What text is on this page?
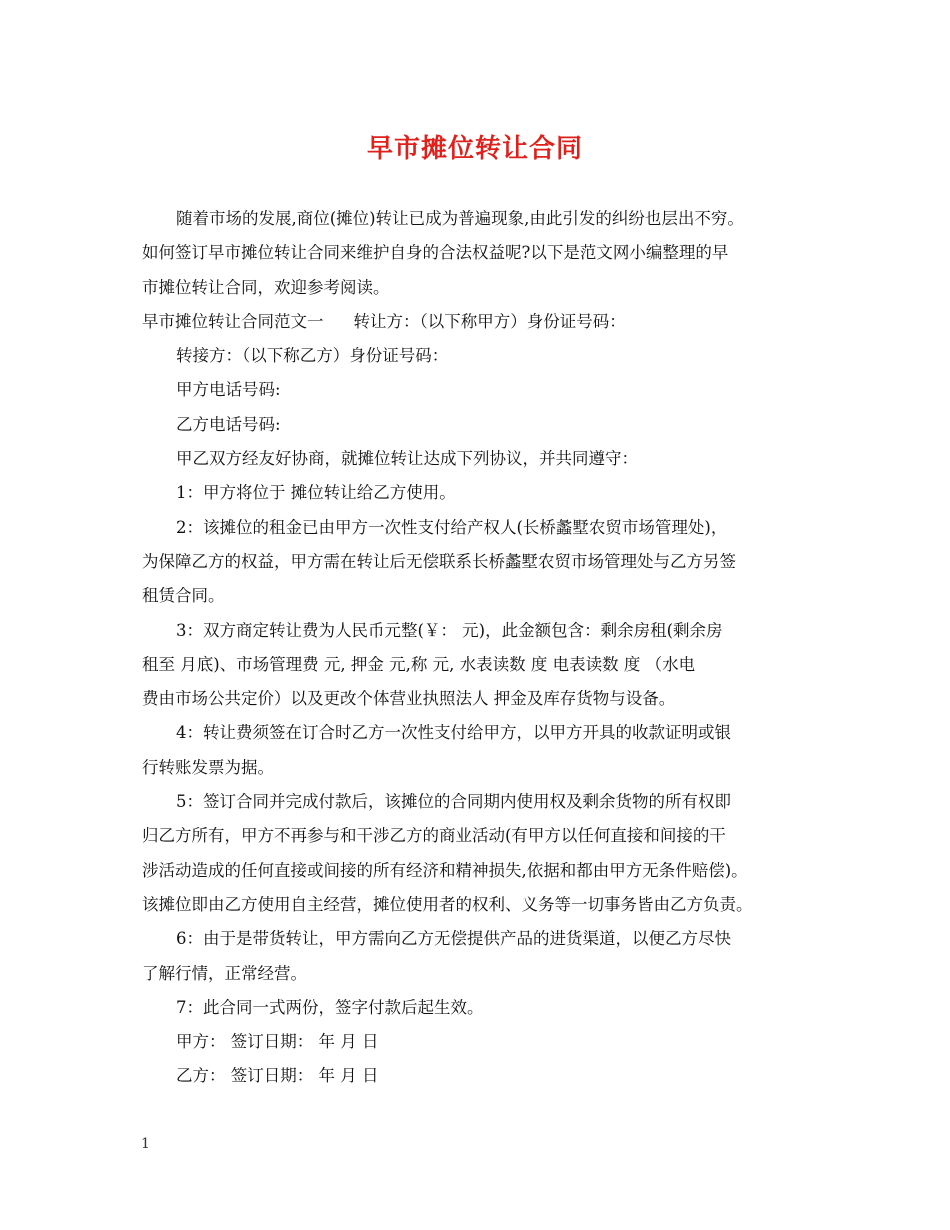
早市摊位转让合同

随着市场的发展,商位(摊位)转让已成为普遍现象,由此引发的纠纷也层出不穷。

如何签订早市摊位转让合同来维护自身的合法权益呢?以下是范文网小编整理的早

市摊位转让合同，欢迎参考阅读。

早市摊位转让合同范文一 转让方：（以下称甲方）身份证号码：

转接方：（以下称乙方）身份证号码：

甲方电话号码:

乙方电话号码:

甲乙双方经友好协商，就摊位转让达成下列协议，并共同遵守：

1：甲方将位于 摊位转让给乙方使用。

2：该摊位的租金已由甲方一次性支付给产权人(长桥蠡墅农贸市场管理处)，

为保障乙方的权益，甲方需在转让后无偿联系长桥蠡墅农贸市场管理处与乙方另签

租赁合同。

3：双方商定转让费为人民币元整(￥： 元)，此金额包含：剩余房租(剩余房

租至 月底)、市场管理费 元, 押金 元,称 元, 水表读数 度 电表读数 度 （水电

费由市场公共定价）以及更改个体营业执照法人 押金及库存货物与设备。

4：转让费须签在订合时乙方一次性支付给甲方，以甲方开具的收款证明或银

行转账发票为据。

5：签订合同并完成付款后，该摊位的合同期内使用权及剩余货物的所有权即

归乙方所有，甲方不再参与和干涉乙方的商业活动(有甲方以任何直接和间接的干

涉活动造成的任何直接或间接的所有经济和精神损失,依据和都由甲方无条件赔偿)。

该摊位即由乙方使用自主经营，摊位使用者的权利、义务等一切事务皆由乙方负责。

6：由于是带货转让，甲方需向乙方无偿提供产品的进货渠道，以便乙方尽快

了解行情，正常经营。

7：此合同一式两份，签字付款后起生效。

甲方： 签订日期： 年 月 日

乙方： 签订日期： 年 月 日

1
